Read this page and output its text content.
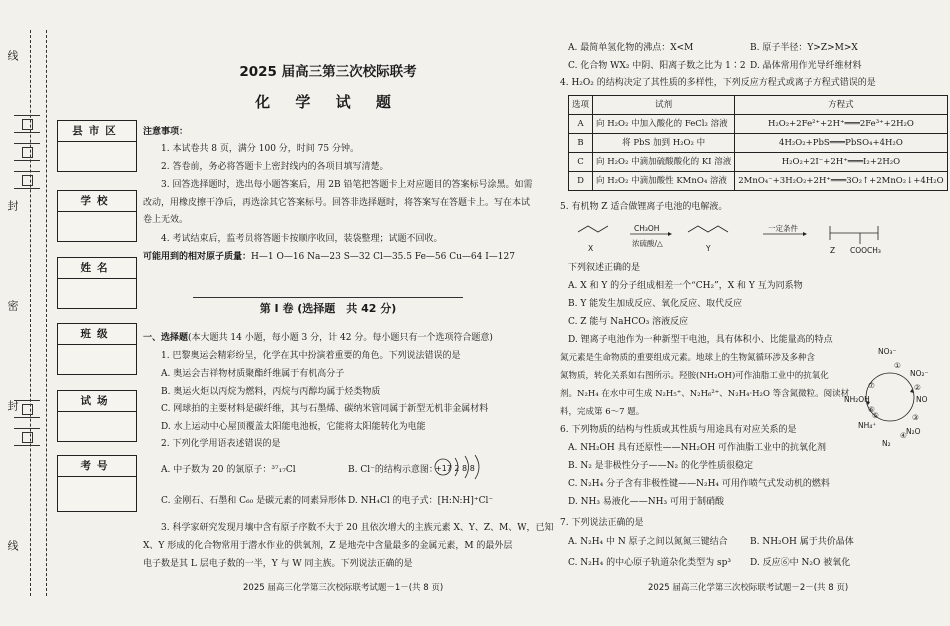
线
封
密
封
线
县市区
学校
姓名
班级
试场
考号
2025 届高三第三次校际联考
化 学 试 题
注意事项：
1. 本试卷共 8 页，满分 100 分，时间 75 分钟。
2. 答卷前，务必将答题卡上密封线内的各项目填写清楚。
3. 回答选择题时，选出每小题答案后，用 2B 铅笔把答题卡上对应题目的答案标号涂黑。如需
改动，用橡皮擦干净后，再选涂其它答案标号。回答非选择题时，将答案写在答题卡上。写在本试
卷上无效。
4. 考试结束后，监考员将答题卡按顺序收回，装袋整理；试题不回收。
可能用到的相对原子质量：H—1 O—16 Na—23 S—32 Cl—35.5 Fe—56 Cu—64 I—127
第 Ⅰ 卷 (选择题　共 42 分)
一、选择题(本大题共 14 小题，每小题 3 分，计 42 分。每小题只有一个选项符合题意)
1. 巴黎奥运会精彩纷呈，化学在其中扮演着重要的角色。下列说法错误的是
A. 奥运会吉祥物材质聚酯纤维属于有机高分子
B. 奥运火炬以丙烷为燃料，丙烷与丙醇均属于烃类物质
C. 网球拍的主要材料是碳纤维，其与石墨烯、碳纳米管同属于新型无机非金属材料
D. 水上运动中心屋顶覆盖太阳能电池板，它能将太阳能转化为电能
2. 下列化学用语表述错误的是
A. 中子数为 20 的氯原子：³⁷₁₇Cl	B. Cl⁻的结构示意图：
+17 2 8 8
C. 金刚石、石墨和 C₆₀ 是碳元素的同素异形体 D. NH₄Cl 的电子式：[H:N:H]⁺Cl⁻
3. 科学家研究发现月壤中含有原子序数不大于 20 且依次增大的主族元素 X、Y、Z、M、W，已知
X、Y 形成的化合物常用于潜水作业的供氧剂，Z 是地壳中含量最多的金属元素，M 的最外层
电子数是其 L 层电子数的一半，Y 与 W 同主族。下列说法正确的是
2025 届高三化学第三次校际联考试题－1－(共 8 页)
A. 最简单氢化物的沸点：X<M	B. 原子半径：Y>Z>M>X
C. 化合物 WX₂ 中阴、阳离子数之比为 1∶2 D. 晶体常用作光导纤维材料
4. H₂O₂ 的结构决定了其性质的多样性，下列反应方程式或离子方程式错误的是
选项	试剂	方程式
A	向 H₂O₂ 中加入酸化的 FeCl₂ 溶液	H₂O₂+2Fe²⁺+2H⁺═══2Fe³⁺+2H₂O
B	将 PbS 加到 H₂O₂ 中	4H₂O₂+PbS═══PbSO₄+4H₂O
C	向 H₂O₂ 中滴加硫酸酸化的 KI 溶液	H₂O₂+2I⁻+2H⁺═══I₂+2H₂O
D	向 H₂O₂ 中滴加酸性 KMnO₄ 溶液	2MnO₄⁻+3H₂O₂+2H⁺═══3O₂↑+2MnO₂↓+4H₂O
5. 有机物 Z 适合做锂离子电池的电解液。
X
CH₃OH
浓硫酸/△
Y
一定条件
Z COOCH₃
下列叙述正确的是
A. X 和 Y 的分子组成相差一个“CH₂”，X 和 Y 互为同系物
B. Y 能发生加成反应、氧化反应、取代反应
C. Z 能与 NaHCO₃ 溶液反应
D. 锂离子电池作为一种新型干电池，具有体积小、比能量高的特点
氮元素是生命物质的重要组成元素。地球上的生物氮循环涉及多种含
氮物质，转化关系如右图所示。羟胺(NH₂OH)可作油脂工业中的抗氧化
剂。N₂H₄ 在水中可生成 N₂H₅⁺、N₂H₆²⁺、N₂H₄·H₂O 等含氮微粒。阅读材
料，完成第 6～7 题。
NO₃⁻
NO₂⁻
NO
N₂O
N₂
NH₄⁺
NH₂OH
①
②
③
④
⑤
⑥
⑦
6. 下列物质的结构与性质或其性质与用途具有对应关系的是
A. NH₂OH 具有还原性——NH₂OH 可作油脂工业中的抗氧化剂
B. N₂ 是非极性分子——N₂ 的化学性质很稳定
C. N₂H₄ 分子含有非极性键——N₂H₄ 可用作喷气式发动机的燃料
D. NH₃ 易液化——NH₃ 可用于制硝酸
7. 下列说法正确的是
A. N₂H₄ 中 N 原子之间以氮氮三键结合 B. NH₂OH 属于共价晶体
C. N₂H₄ 的中心原子轨道杂化类型为 sp³ D. 反应⑥中 N₂O 被氧化
2025 届高三化学第三次校际联考试题－2－(共 8 页)
